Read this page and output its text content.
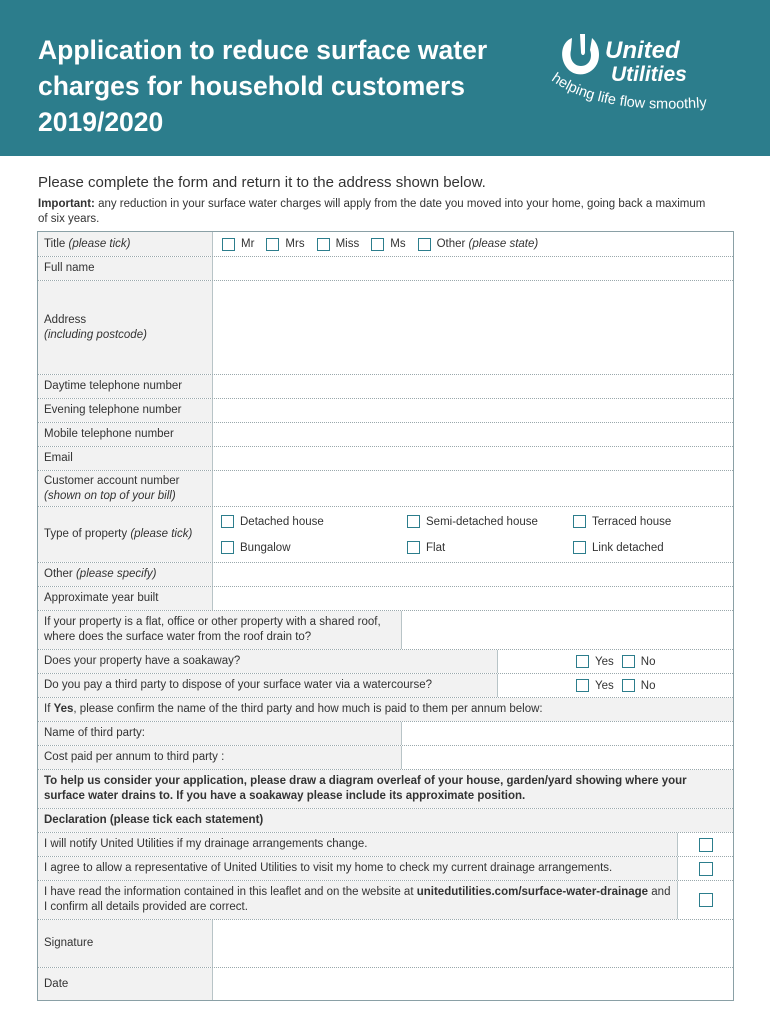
Application to reduce surface water charges for household customers 2019/2020
United
Utilities
helping life flow smoothly
Please complete the form and return it to the address shown below.
Important: any reduction in your surface water charges will apply from the date you moved into your home, going back a maximum of six years.
Title (please tick)	Mr	Mrs	Miss	Ms	Other (please state)
Full name
Address
(including postcode)
Daytime telephone number
Evening telephone number
Mobile telephone number
Email
Customer account number
(shown on top of your bill)
Type of property (please tick)
Detached house	Semi-detached house	Terraced house
Bungalow	Flat	Link detached
Other (please specify)
Approximate year built
If your property is a flat, office or other property with a shared roof, where does the surface water from the roof drain to?
Does your property have a soakaway?	Yes No
Do you pay a third party to dispose of your surface water via a watercourse?	Yes No
If Yes, please confirm the name of the third party and how much is paid to them per annum below:
Name of third party:
Cost paid per annum to third party :
To help us consider your application, please draw a diagram overleaf of your house, garden/yard showing where your surface water drains to. If you have a soakaway please include its approximate position.
Declaration (please tick each statement)
I will notify United Utilities if my drainage arrangements change.
I agree to allow a representative of United Utilities to visit my home to check my current drainage arrangements.
I have read the information contained in this leaflet and on the website at unitedutilities.com/surface-water-drainage and I confirm all details provided are correct.
Signature
Date
